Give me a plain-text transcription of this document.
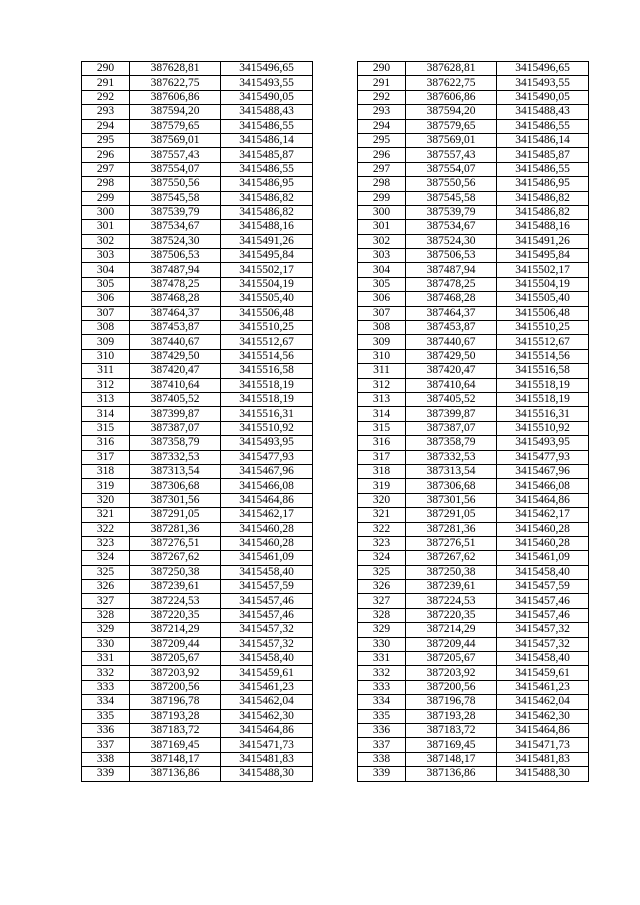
290	387628,81	3415496,65		290	387628,81	3415496,65
291	387622,75	3415493,55		291	387622,75	3415493,55
292	387606,86	3415490,05		292	387606,86	3415490,05
293	387594,20	3415488,43		293	387594,20	3415488,43
294	387579,65	3415486,55		294	387579,65	3415486,55
295	387569,01	3415486,14		295	387569,01	3415486,14
296	387557,43	3415485,87		296	387557,43	3415485,87
297	387554,07	3415486,55		297	387554,07	3415486,55
298	387550,56	3415486,95		298	387550,56	3415486,95
299	387545,58	3415486,82		299	387545,58	3415486,82
300	387539,79	3415486,82		300	387539,79	3415486,82
301	387534,67	3415488,16		301	387534,67	3415488,16
302	387524,30	3415491,26		302	387524,30	3415491,26
303	387506,53	3415495,84		303	387506,53	3415495,84
304	387487,94	3415502,17		304	387487,94	3415502,17
305	387478,25	3415504,19		305	387478,25	3415504,19
306	387468,28	3415505,40		306	387468,28	3415505,40
307	387464,37	3415506,48		307	387464,37	3415506,48
308	387453,87	3415510,25		308	387453,87	3415510,25
309	387440,67	3415512,67		309	387440,67	3415512,67
310	387429,50	3415514,56		310	387429,50	3415514,56
311	387420,47	3415516,58		311	387420,47	3415516,58
312	387410,64	3415518,19		312	387410,64	3415518,19
313	387405,52	3415518,19		313	387405,52	3415518,19
314	387399,87	3415516,31		314	387399,87	3415516,31
315	387387,07	3415510,92		315	387387,07	3415510,92
316	387358,79	3415493,95		316	387358,79	3415493,95
317	387332,53	3415477,93		317	387332,53	3415477,93
318	387313,54	3415467,96		318	387313,54	3415467,96
319	387306,68	3415466,08		319	387306,68	3415466,08
320	387301,56	3415464,86		320	387301,56	3415464,86
321	387291,05	3415462,17		321	387291,05	3415462,17
322	387281,36	3415460,28		322	387281,36	3415460,28
323	387276,51	3415460,28		323	387276,51	3415460,28
324	387267,62	3415461,09		324	387267,62	3415461,09
325	387250,38	3415458,40		325	387250,38	3415458,40
326	387239,61	3415457,59		326	387239,61	3415457,59
327	387224,53	3415457,46		327	387224,53	3415457,46
328	387220,35	3415457,46		328	387220,35	3415457,46
329	387214,29	3415457,32		329	387214,29	3415457,32
330	387209,44	3415457,32		330	387209,44	3415457,32
331	387205,67	3415458,40		331	387205,67	3415458,40
332	387203,92	3415459,61		332	387203,92	3415459,61
333	387200,56	3415461,23		333	387200,56	3415461,23
334	387196,78	3415462,04		334	387196,78	3415462,04
335	387193,28	3415462,30		335	387193,28	3415462,30
336	387183,72	3415464,86		336	387183,72	3415464,86
337	387169,45	3415471,73		337	387169,45	3415471,73
338	387148,17	3415481,83		338	387148,17	3415481,83
339	387136,86	3415488,30		339	387136,86	3415488,30
